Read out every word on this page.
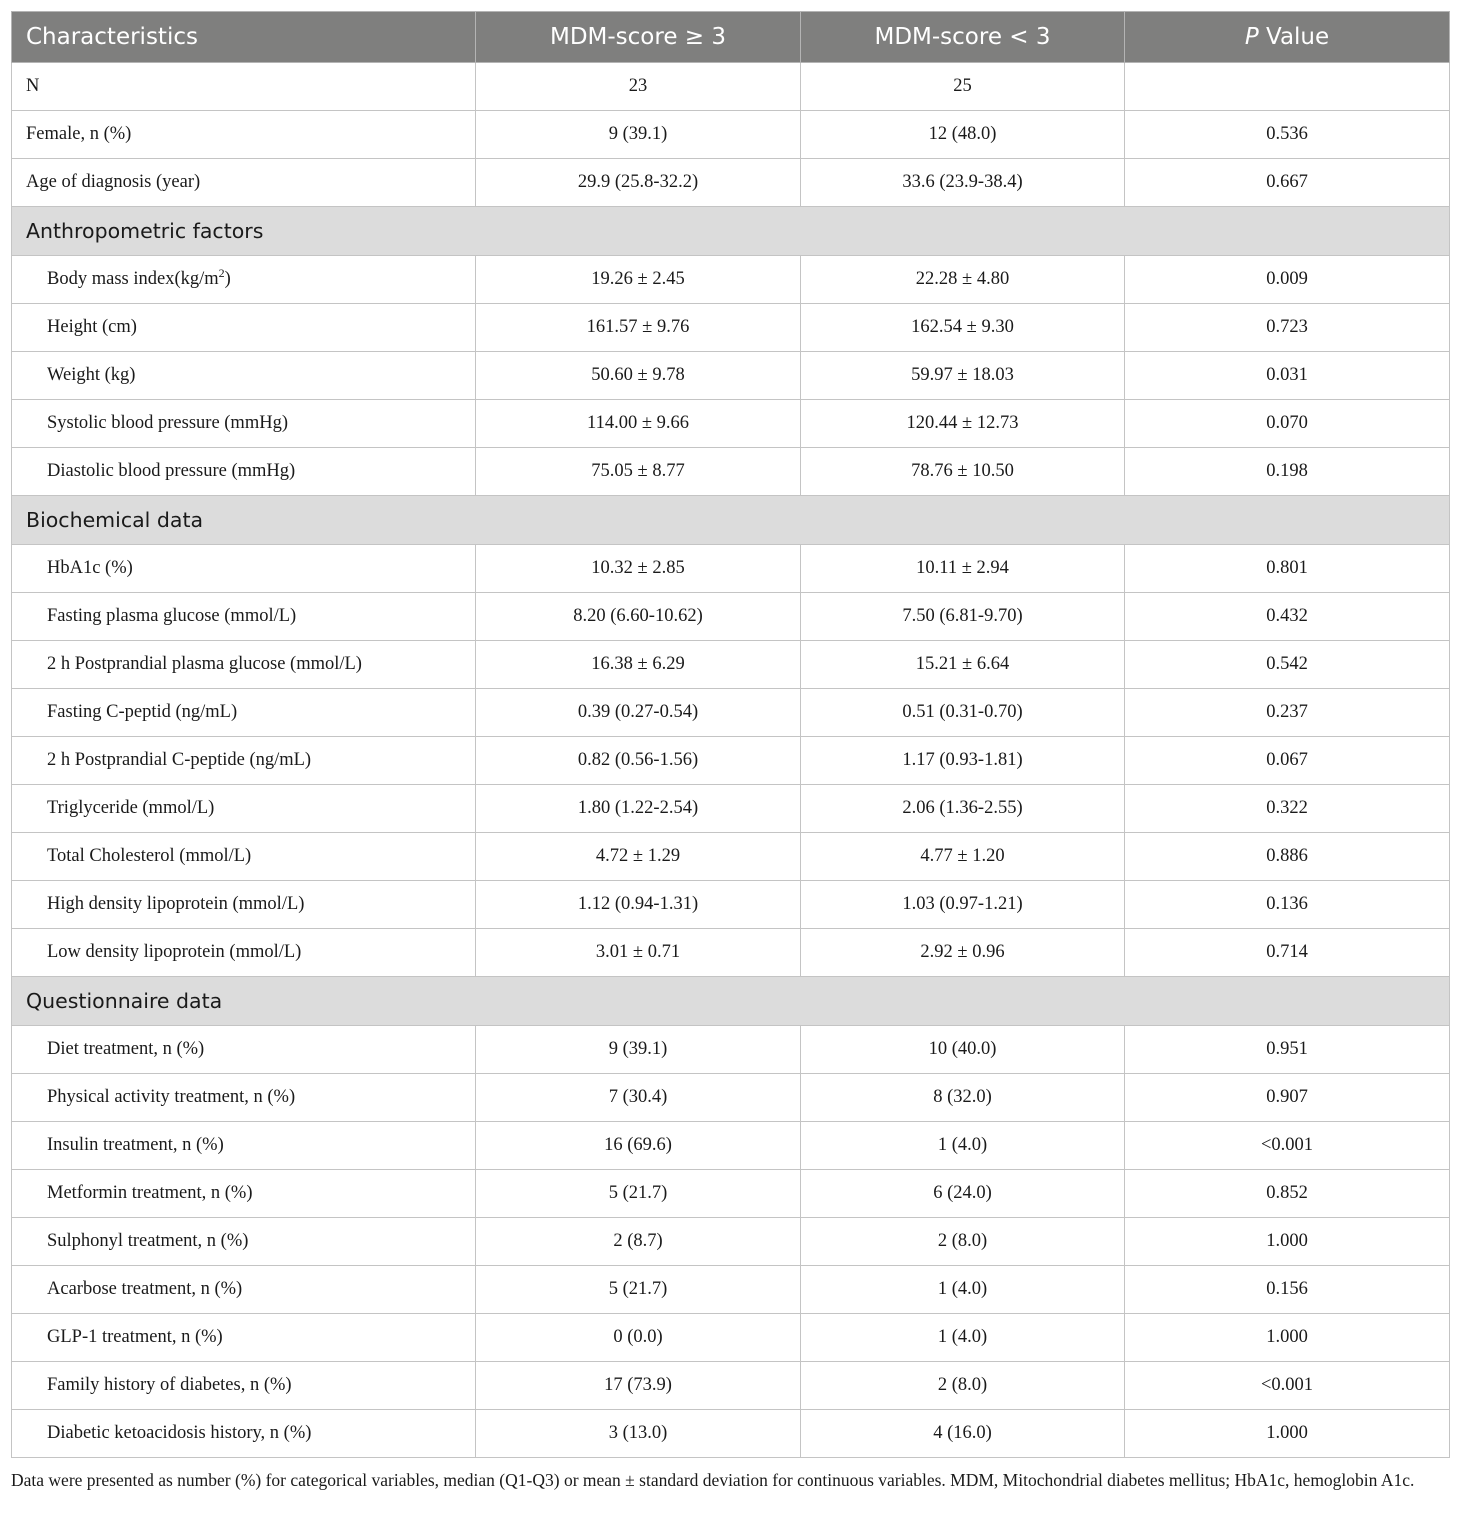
Characteristics	MDM-score ≥ 3	MDM-score < 3	P Value
N	23	25	
Female, n (%)	9 (39.1)	12 (48.0)	0.536
Age of diagnosis (year)	29.9 (25.8-32.2)	33.6 (23.9-38.4)	0.667
Anthropometric factors			
Body mass $index(kg/m^2)$	19.26 ± 2.45	22.28 ± 4.80	0.009
Height (cm)	161.57 ± 9.76	162.54 ± 9.30	0.723
Weight (kg)	50.60 ± 9.78	59.97 ± 18.03	0.031
Systolic blood pressure (mmHg)	114.00 ± 9.66	120.44 ± 12.73	0.070
Diastolic blood pressure (mmHg)	75.05 ± 8.77	78.76 ± 10.50	0.198
Biochemical data			
HbA1c (%)	10.32 ± 2.85	10.11 ± 2.94	0.801
Fasting plasma glucose (mmol/L)	8.20 (6.60-10.62)	7.50 (6.81-9.70)	0.432
2 h Postprandial plasma glucose (mmol/L)	16.38 ± 6.29	15.21 ± 6.64	0.542
Fasting C-peptid (ng/mL)	0.39 (0.27-0.54)	0.51 (0.31-0.70)	0.237
2 h Postprandial C-peptide (ng/mL)	0.82 (0.56-1.56)	1.17 (0.93-1.81)	0.067
Triglyceride (mmol/L)	1.80 (1.22-2.54)	2.06 (1.36-2.55)	0.322
Total Cholesterol (mmol/L)	4.72 ± 1.29	4.77 ± 1.20	0.886
High density lipoprotein (mmol/L)	1.12 (0.94-1.31)	1.03 (0.97-1.21)	0.136
Low density lipoprotein (mmol/L)	3.01 ± 0.71	2.92 ± 0.96	0.714
Questionnaire data			
Diet treatment, n (%)	9 (39.1)	10 (40.0)	0.951
Physical activity treatment, n (%)	7 (30.4)	8 (32.0)	0.907
Insulin treatment, n (%)	16 (69.6)	1 (4.0)	<0.001
Metformin treatment, n (%)	5 (21.7)	6 (24.0)	0.852
Sulphonyl treatment, n (%)	2 (8.7)	2 (8.0)	1.000
Acarbose treatment, n (%)	5 (21.7)	1 (4.0)	0.156
GLP-1 treatment, n (%)	0 (0.0)	1 (4.0)	1.000
Family history of diabetes, n (%)	17 (73.9)	2 (8.0)	<0.001
Diabetic ketoacidosis history, n (%)	3 (13.0)	4 (16.0)	1.000

Data were presented as number (%) for categorical variables, median (Q1-Q3) or mean ± standard deviation for continuous variables. MDM, Mitochondrial diabetes mellitus; HbA1c, hemoglobin A1c.
